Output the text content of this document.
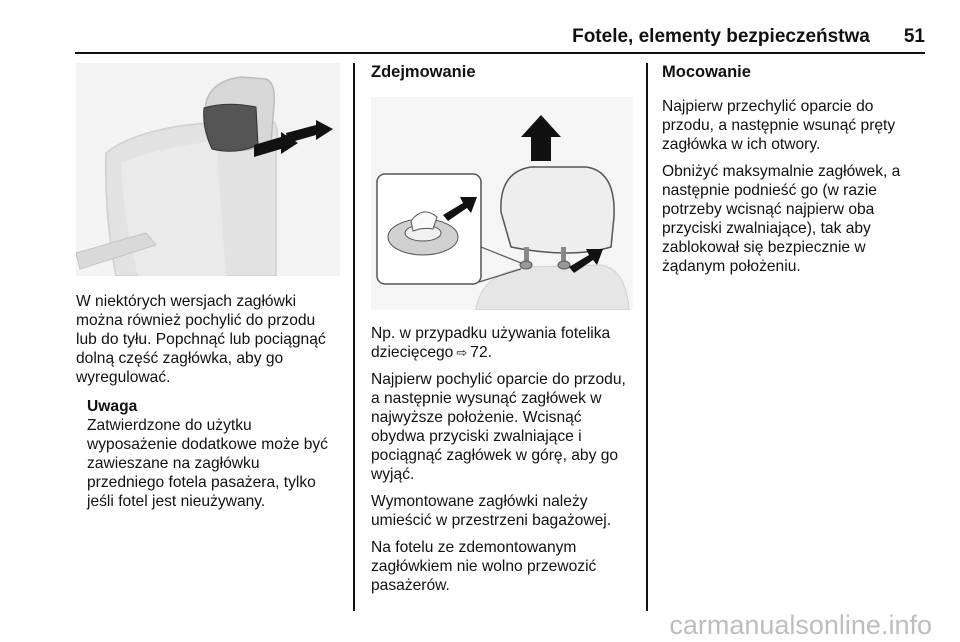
Fotele, elementy bezpieczeństwa 51

W niektórych wersjach zagłówki można również pochylić do przodu lub do tyłu. Popchnąć lub pociągnąć dolną część zagłówka, aby go wyregulować.

Uwaga
Zatwierdzone do użytku wyposażenie dodatkowe może być zawieszane na zagłówku przedniego fotela pasażera, tylko jeśli fotel jest nieużywany.
Zdejmowanie

Np. w przypadku używania fotelika dziecięcego ⇨ 72.

Najpierw pochylić oparcie do przodu, a następnie wysunąć zagłówek w najwyższe położenie. Wcisnąć obydwa przyciski zwalniające i pociągnąć zagłówek w górę, aby go wyjąć.

Wymontowane zagłówki należy umieścić w przestrzeni bagażowej.

Na fotelu ze zdemontowanym zagłówkiem nie wolno przewozić pasażerów.

Mocowanie

Najpierw przechylić oparcie do przodu, a następnie wsunąć pręty zagłówka w ich otwory.

Obniżyć maksymalnie zagłówek, a następnie podnieść go (w razie potrzeby wcisnąć najpierw oba przyciski zwalniające), tak aby zablokował się bezpiecznie w żądanym położeniu.

carmanualsonline.info
